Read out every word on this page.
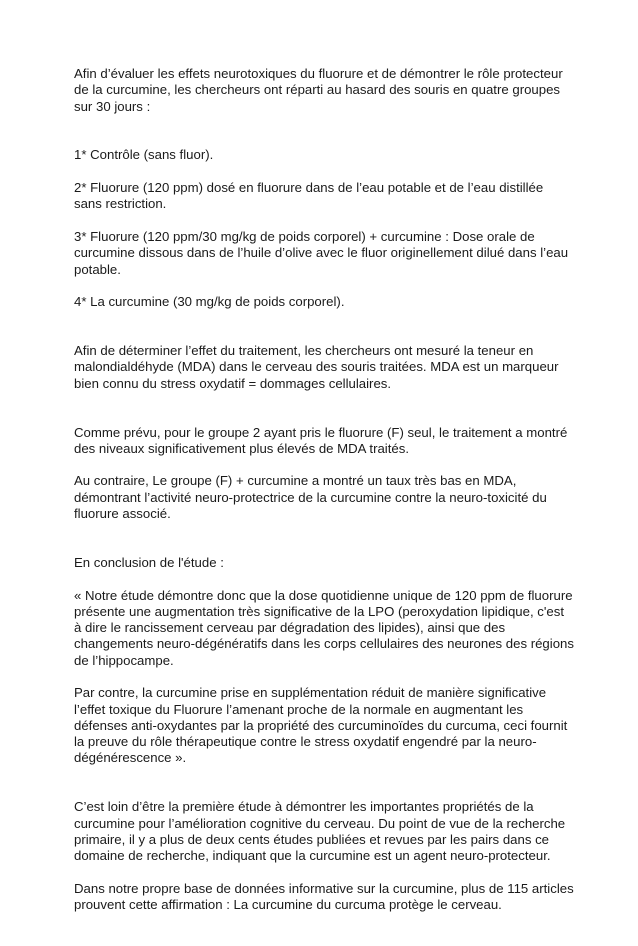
Afin d’évaluer les effets neurotoxiques du fluorure et de démontrer le rôle protecteur de la curcumine, les chercheurs ont réparti au hasard des souris en quatre groupes sur 30 jours :

1* Contrôle (sans fluor).

2* Fluorure (120 ppm) dosé en fluorure dans de l’eau potable et de l’eau distillée sans restriction.

3* Fluorure (120 ppm/30 mg/kg de poids corporel) + curcumine : Dose orale de curcumine dissous dans de l’huile d’olive avec le fluor originellement dilué dans l’eau potable.

4* La curcumine (30 mg/kg de poids corporel).

Afin de déterminer l’effet du traitement, les chercheurs ont mesuré la teneur en malondialdéhyde (MDA) dans le cerveau des souris traitées. MDA est un marqueur bien connu du stress oxydatif = dommages cellulaires.

Comme prévu, pour le groupe 2 ayant pris le fluorure (F) seul, le traitement a montré des niveaux significativement plus élevés de MDA traités.

Au contraire, Le groupe (F) + curcumine a montré un taux très bas en MDA, démontrant l’activité neuro-protectrice de la curcumine contre la neuro-toxicité du fluorure associé.

En conclusion de l'étude :

« Notre étude démontre donc que la dose quotidienne unique de 120 ppm de fluorure présente une augmentation très significative de la LPO (peroxydation lipidique, c'est à dire le rancissement cerveau par dégradation des lipides), ainsi que des changements neuro-dégénératifs dans les corps cellulaires des neurones des régions de l’hippocampe.

Par contre, la curcumine prise en supplémentation réduit de manière significative l’effet toxique du Fluorure l’amenant proche de la normale en augmentant les défenses anti-oxydantes par la propriété des curcuminoïdes du curcuma, ceci fournit la preuve du rôle thérapeutique contre le stress oxydatif engendré par la neuro-dégénérescence ».

C’est loin d’être la première étude à démontrer les importantes propriétés de la curcumine pour l’amélioration cognitive du cerveau. Du point de vue de la recherche primaire, il y a plus de deux cents études publiées et revues par les pairs dans ce domaine de recherche, indiquant que la curcumine est un agent neuro-protecteur.

Dans notre propre base de données informative sur la curcumine, plus de 115 articles prouvent cette affirmation : La curcumine du curcuma protège le cerveau.
